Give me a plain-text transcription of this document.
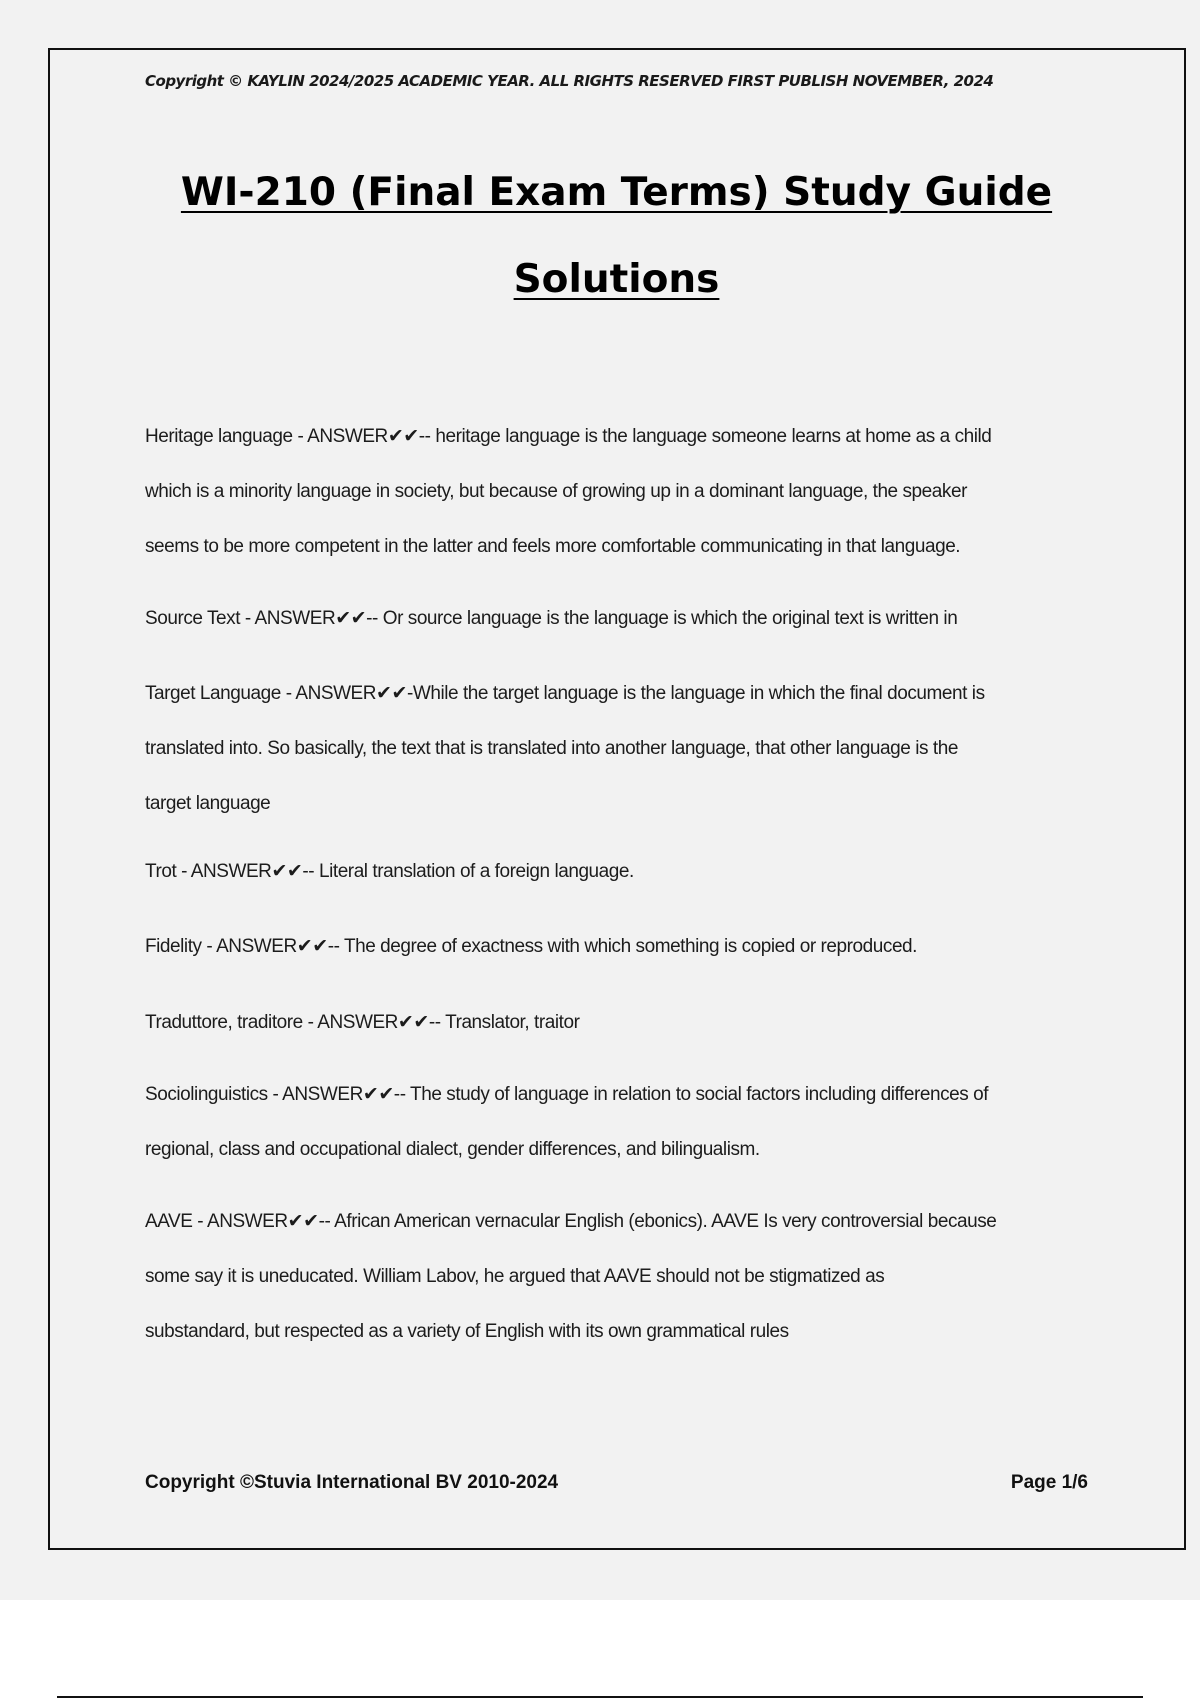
Copyright © KAYLIN 2024/2025 ACADEMIC YEAR. ALL RIGHTS RESERVED FIRST PUBLISH NOVEMBER, 2024

WI-210 (Final Exam Terms) Study Guide
Solutions

Heritage language - ANSWER✔✔-- heritage language is the language someone learns at home as a child

which is a minority language in society, but because of growing up in a dominant language, the speaker

seems to be more competent in the latter and feels more comfortable communicating in that language.

Source Text - ANSWER✔✔-- Or source language is the language is which the original text is written in

Target Language - ANSWER✔✔-While the target language is the language in which the final document is

translated into. So basically, the text that is translated into another language, that other language is the

target language

Trot - ANSWER✔✔-- Literal translation of a foreign language.

Fidelity - ANSWER✔✔-- The degree of exactness with which something is copied or reproduced.

Traduttore, traditore - ANSWER✔✔-- Translator, traitor

Sociolinguistics - ANSWER✔✔-- The study of language in relation to social factors including differences of

regional, class and occupational dialect, gender differences, and bilingualism.

AAVE - ANSWER✔✔-- African American vernacular English (ebonics). AAVE Is very controversial because

some say it is uneducated. William Labov, he argued that AAVE should not be stigmatized as

substandard, but respected as a variety of English with its own grammatical rules

Copyright ©Stuvia International BV 2010-2024	Page 1/6
